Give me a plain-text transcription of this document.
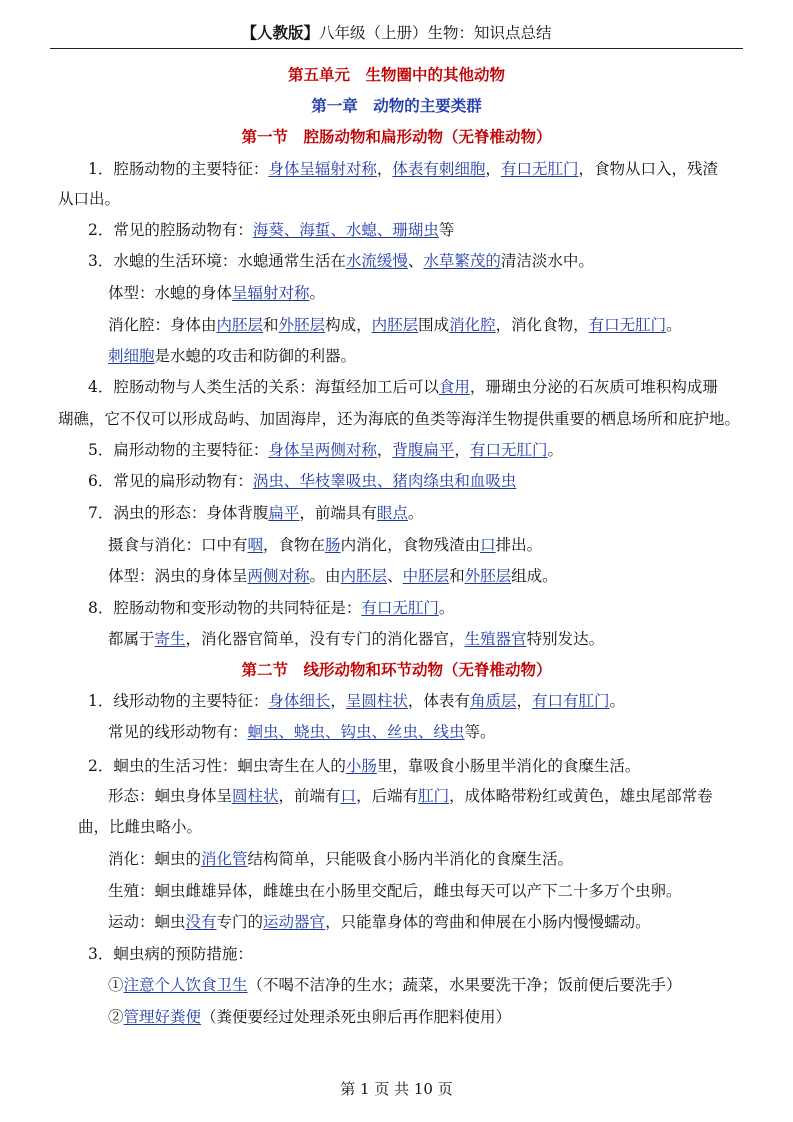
【人教版】八年级（上册）生物：知识点总结
第五单元　生物圈中的其他动物
第一章　动物的主要类群
第一节　腔肠动物和扁形动物（无脊椎动物）
1．腔肠动物的主要特征：身体呈辐射对称，体表有刺细胞，有口无肛门，食物从口入，残渣
从口出。
2．常见的腔肠动物有：海葵、海蜇、水螅、珊瑚虫等
3．水螅的生活环境：水螅通常生活在水流缓慢、水草繁茂的清洁淡水中。
体型：水螅的身体呈辐射对称。
消化腔：身体由内胚层和外胚层构成，内胚层围成消化腔，消化食物，有口无肛门。
刺细胞是水螅的攻击和防御的利器。
4．腔肠动物与人类生活的关系：海蜇经加工后可以食用，珊瑚虫分泌的石灰质可堆积构成珊
瑚礁，它不仅可以形成岛屿、加固海岸，还为海底的鱼类等海洋生物提供重要的栖息场所和庇护地。
5．扁形动物的主要特征：身体呈两侧对称，背腹扁平，有口无肛门。
6．常见的扁形动物有：涡虫、华枝睾吸虫、猪肉绦虫和血吸虫
7．涡虫的形态：身体背腹扁平，前端具有眼点。
摄食与消化：口中有咽，食物在肠内消化，食物残渣由口排出。
体型：涡虫的身体呈两侧对称。由内胚层、中胚层和外胚层组成。
8．腔肠动物和变形动物的共同特征是：有口无肛门。
都属于寄生，消化器官简单，没有专门的消化器官，生殖器官特别发达。
1．线形动物的主要特征：身体细长，呈圆柱状，体表有角质层，有口有肛门。
常见的线形动物有：蛔虫、蛲虫、钩虫、丝虫、线虫等。
2．蛔虫的生活习性：蛔虫寄生在人的小肠里，靠吸食小肠里半消化的食糜生活。
形态：蛔虫身体呈圆柱状，前端有口，后端有肛门，成体略带粉红或黄色，雄虫尾部常卷
曲，比雌虫略小。
消化：蛔虫的消化管结构简单，只能吸食小肠内半消化的食糜生活。
生殖：蛔虫雌雄异体，雌雄虫在小肠里交配后，雌虫每天可以产下二十多万个虫卵。
运动：蛔虫没有专门的运动器官，只能靠身体的弯曲和伸展在小肠内慢慢蠕动。
3．蛔虫病的预防措施：
①注意个人饮食卫生（不喝不洁净的生水；蔬菜，水果要洗干净；饭前便后要洗手）
②管理好粪便（粪便要经过处理杀死虫卵后再作肥料使用）
第二节　线形动物和环节动物（无脊椎动物）
第 1 页 共 10 页
